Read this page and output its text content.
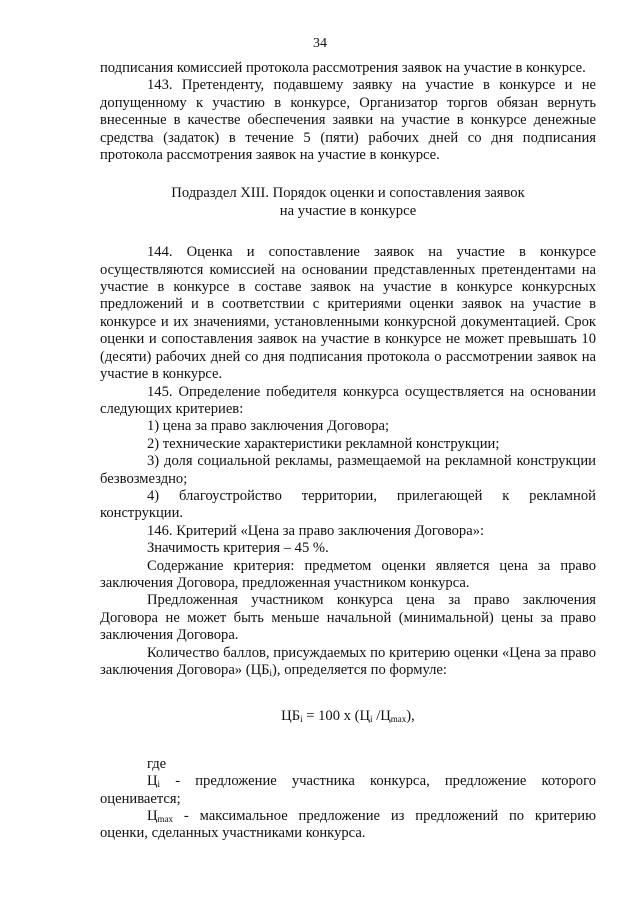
34

подписания комиссией протокола рассмотрения заявок на участие в конкурсе.

143. Претенденту, подавшему заявку на участие в конкурсе и не допущенному к участию в конкурсе, Организатор торгов обязан вернуть внесенные в качестве обеспечения заявки на участие в конкурсе денежные средства (задаток) в течение 5 (пяти) рабочих дней со дня подписания протокола рассмотрения заявок на участие в конкурсе.

Подраздел XIII. Порядок оценки и сопоставления заявок

на участие в конкурсе

144. Оценка и сопоставление заявок на участие в конкурсе осуществляются комиссией на основании представленных претендентами на участие в конкурсе в составе заявок на участие в конкурсе конкурсных предложений и в соответствии с критериями оценки заявок на участие в конкурсе и их значениями, установленными конкурсной документацией. Срок оценки и сопоставления заявок на участие в конкурсе не может превышать 10 (десяти) рабочих дней со дня подписания протокола о рассмотрении заявок на участие в конкурсе.

145. Определение победителя конкурса осуществляется на основании следующих критериев:

1) цена за право заключения Договора;

2) технические характеристики рекламной конструкции;

3) доля социальной рекламы, размещаемой на рекламной конструкции безвозмездно;

4) благоустройство территории, прилегающей к рекламной

конструкции.

146. Критерий «Цена за право заключения Договора»:

Значимость критерия – 45 %.

Содержание критерия: предметом оценки является цена за право заключения Договора, предложенная участником конкурса.

Предложенная участником конкурса цена за право заключения Договора не может быть меньше начальной (минимальной) цены за право заключения Договора.

Количество баллов, присуждаемых по критерию оценки «Цена за право заключения Договора» $(ЦБ_i)$, определяется по формуле:

$ЦБ_i = 100$ х ($Ц_i$ $/Ц_{max}$),

где

$Ц_i$ - предложение участника конкурса, предложение которого оценивается;

$Ц_{max}$ - максимальное предложение из предложений по критерию оценки, сделанных участниками конкурса.
